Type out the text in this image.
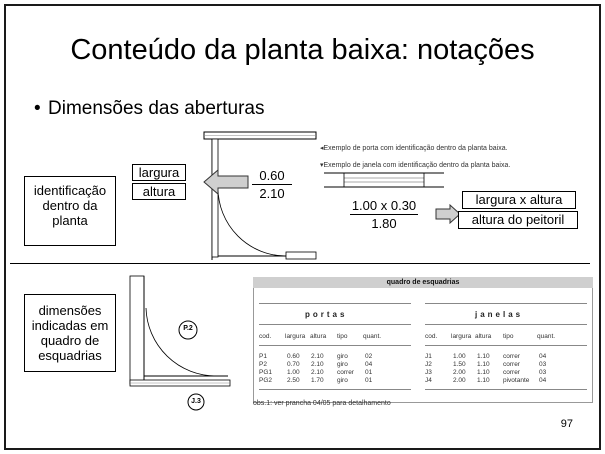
Conteúdo da planta baixa: notações
• Dimensões das aberturas
largura
altura
identificação dentro da planta
0.60
2.10
◂Exemplo de porta com identificação dentro da planta baixa.
▾Exemplo de janela com identificação dentro da planta baixa.
1.00 x 0.30
1.80
largura x altura
altura do peitoril
dimensões indicadas em quadro de esquadrias
P.2
J.3
quadro de esquadrias
portas	janelas
cod. largura altura tipo quant.	cod. largura altura tipo	quant.
P1	0.60 2.10 giro	02
P2	0.70 2.10 giro	04
PG1 1.00 2.10 correr 01
PG2 2.50 1.70 giro	01
J1	1.00 1.10 correr	04
J2	1.50 1.10 correr	03
J3	2.00 1.10 correr	03
J4	2.00 1.10 pivotante 04
obs.1: ver prancha 04/05 para detalhamento
97
